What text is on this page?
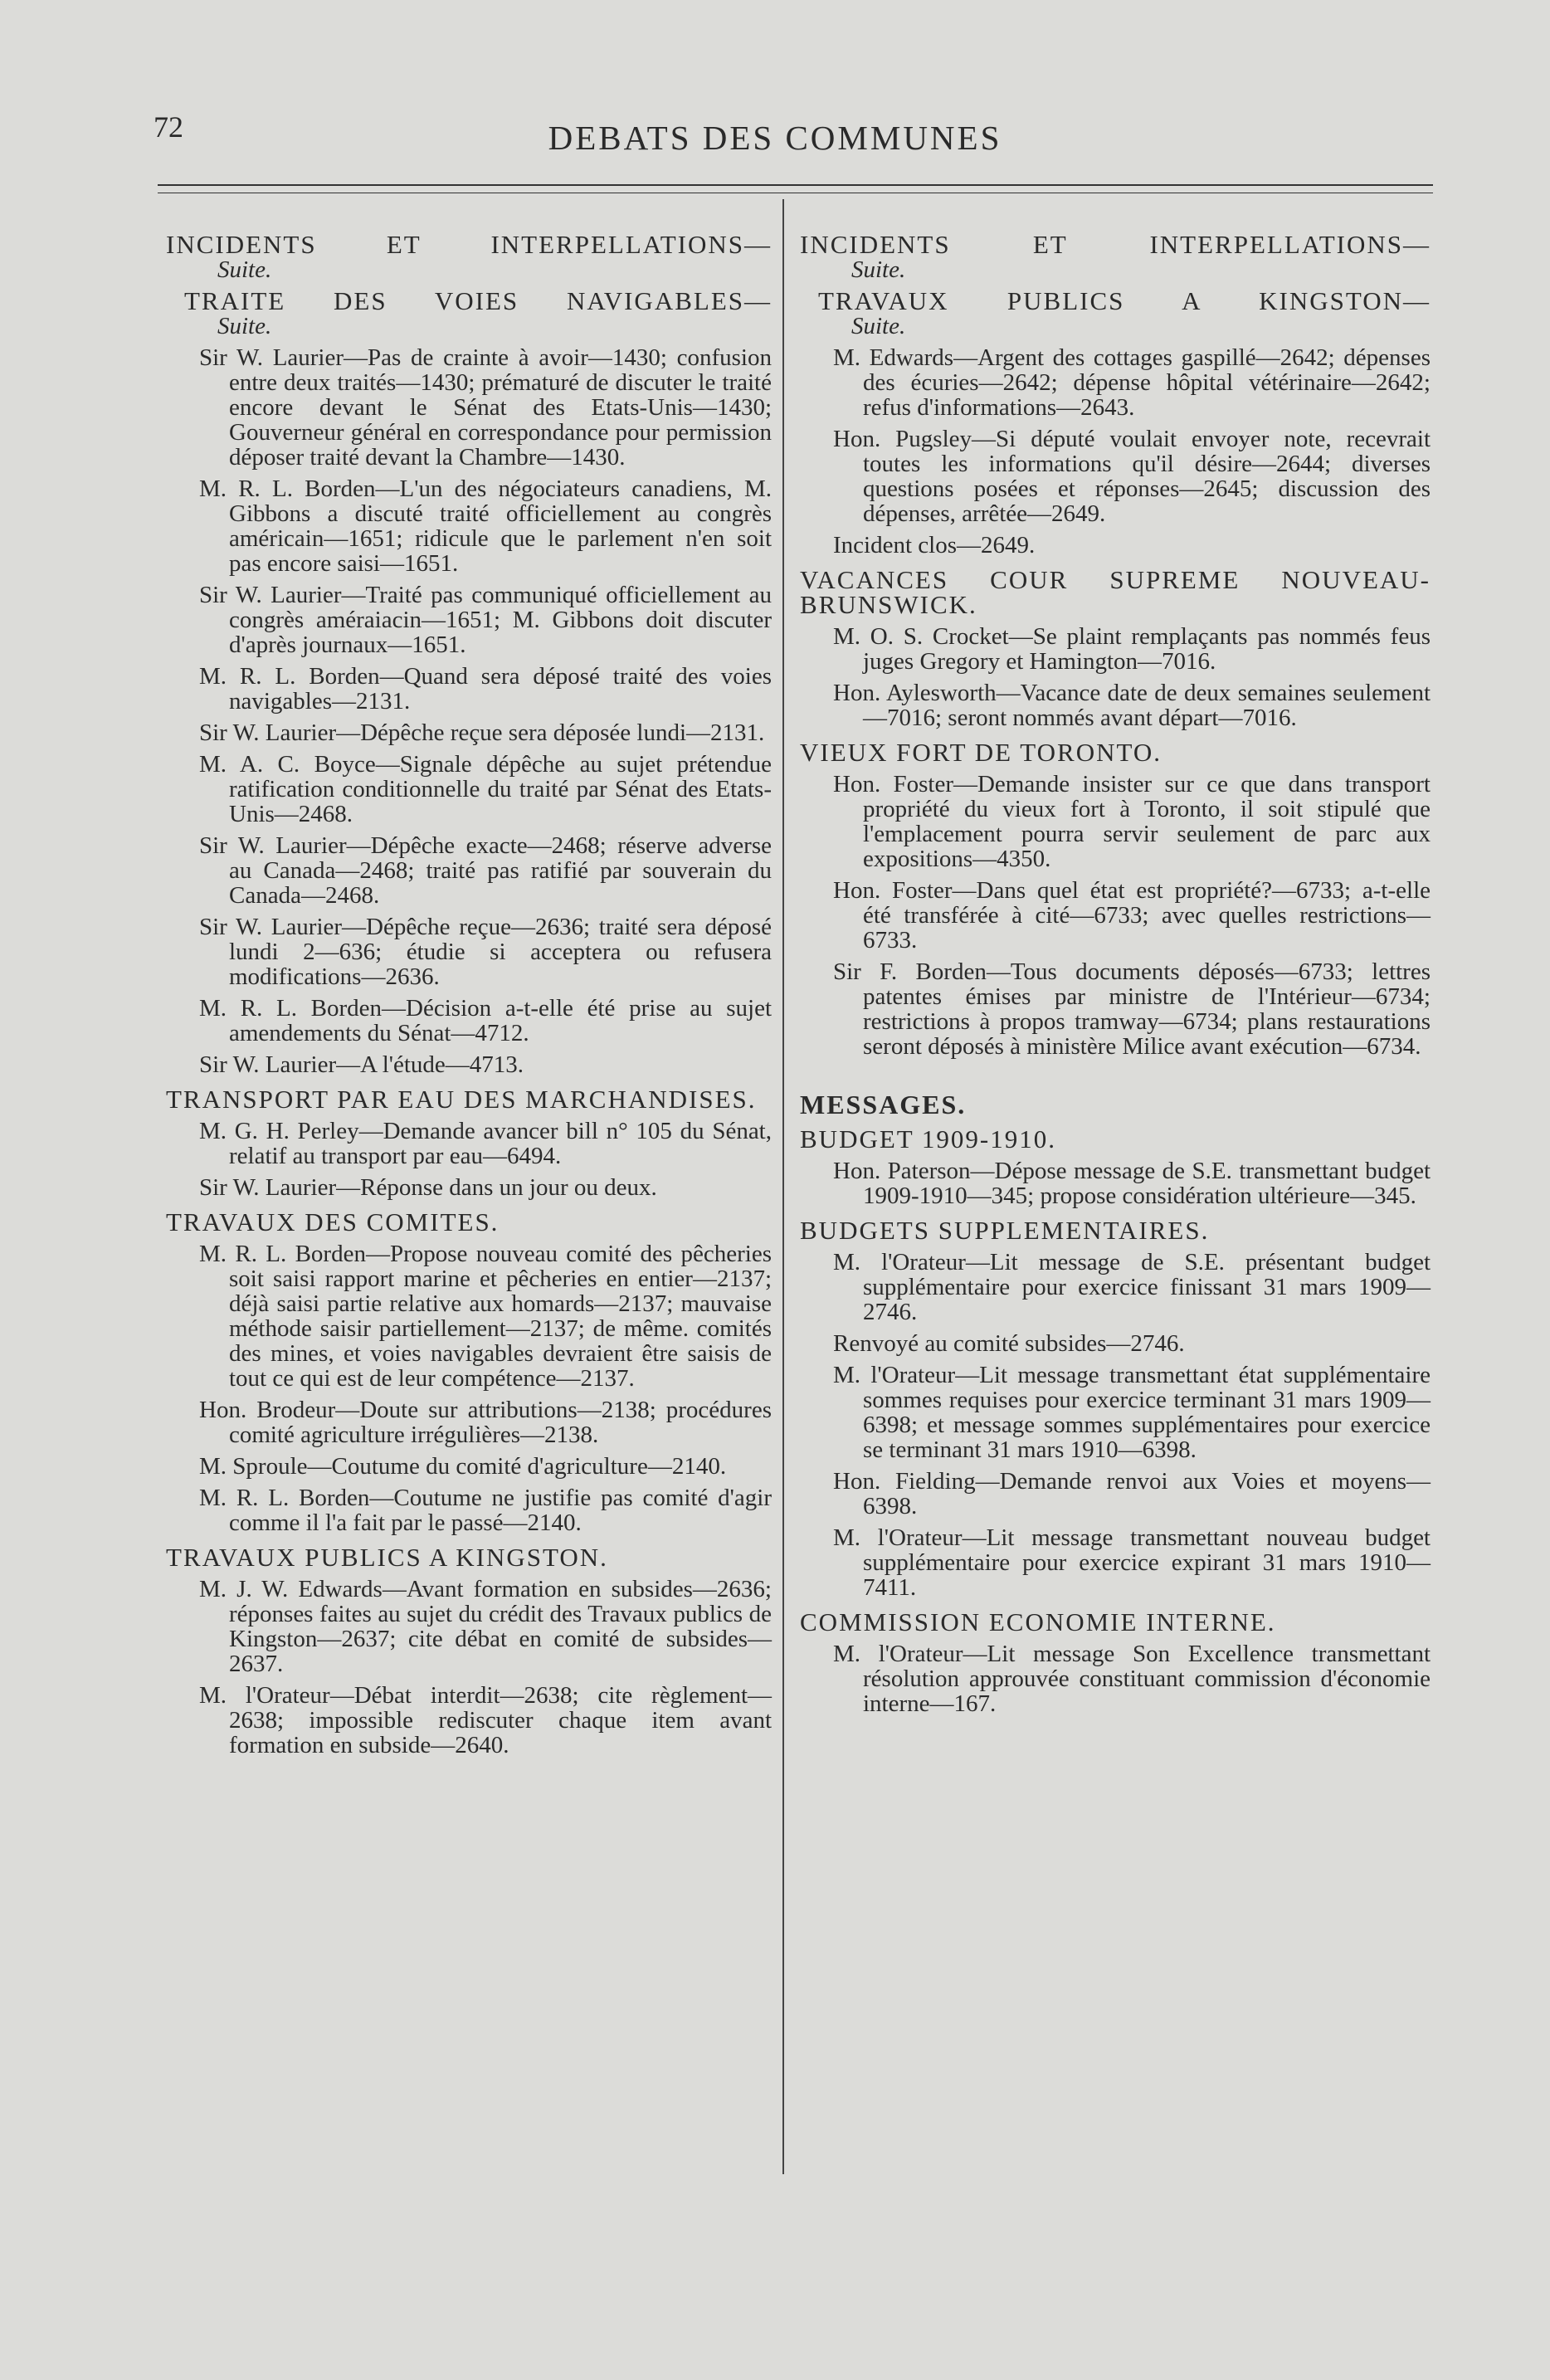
72	DEBATS DES COMMUNES
INCIDENTS ET INTERPELLATIONS—
Suite.
TRAITE DES VOIES NAVIGABLES—
Suite.
Sir W. Laurier—Pas de crainte à avoir—1430; confusion entre deux traités—1430; prématuré de discuter le traité encore devant le Sénat des Etats-Unis—1430; Gouverneur général en correspondance pour permission déposer traité devant la Chambre—1430.
M. R. L. Borden—L'un des négociateurs canadiens, M. Gibbons a discuté traité officiellement au congrès américain—1651; ridicule que le parlement n'en soit pas encore saisi—1651.
Sir W. Laurier—Traité pas communiqué officiellement au congrès améraiacin—1651; M. Gibbons doit discuter d'après journaux—1651.
M. R. L. Borden—Quand sera déposé traité des voies navigables—2131.
Sir W. Laurier—Dépêche reçue sera déposée lundi—2131.
M. A. C. Boyce—Signale dépêche au sujet prétendue ratification conditionnelle du traité par Sénat des Etats-Unis—2468.
Sir W. Laurier—Dépêche exacte—2468; réserve adverse au Canada—2468; traité pas ratifié par souverain du Canada—2468.
Sir W. Laurier—Dépêche reçue—2636; traité sera déposé lundi 2—636; étudie si acceptera ou refusera modifications—2636.
M. R. L. Borden—Décision a-t-elle été prise au sujet amendements du Sénat—4712.
Sir W. Laurier—A l'étude—4713.
TRANSPORT PAR EAU DES MARCHANDISES.
M. G. H. Perley—Demande avancer bill n° 105 du Sénat, relatif au transport par eau—6494.
Sir W. Laurier—Réponse dans un jour ou deux.
TRAVAUX DES COMITES.
M. R. L. Borden—Propose nouveau comité des pêcheries soit saisi rapport marine et pêcheries en entier—2137; déjà saisi partie relative aux homards—2137; mauvaise méthode saisir partiellement—2137; de même. comités des mines, et voies navigables devraient être saisis de tout ce qui est de leur compétence—2137.
Hon. Brodeur—Doute sur attributions—2138; procédures comité agriculture irrégulières—2138.
M. Sproule—Coutume du comité d'agriculture—2140.
M. R. L. Borden—Coutume ne justifie pas comité d'agir comme il l'a fait par le passé—2140.
TRAVAUX PUBLICS A KINGSTON.
M. J. W. Edwards—Avant formation en subsides—2636; réponses faites au sujet du crédit des Travaux publics de Kingston—2637; cite débat en comité de subsides—2637.
M. l'Orateur—Débat interdit—2638; cite règlement—2638; impossible rediscuter chaque item avant formation en subside—2640.
INCIDENTS ET INTERPELLATIONS—
Suite.
TRAVAUX PUBLICS A KINGSTON—
Suite.
M. Edwards—Argent des cottages gaspillé—2642; dépenses des écuries—2642; dépense hôpital vétérinaire—2642; refus d'informations—2643.
Hon. Pugsley—Si député voulait envoyer note, recevrait toutes les informations qu'il désire—2644; diverses questions posées et réponses—2645; discussion des dépenses, arrêtée—2649.
Incident clos—2649.
VACANCES COUR SUPREME NOUVEAU-BRUNSWICK.
M. O. S. Crocket—Se plaint remplaçants pas nommés feus juges Gregory et Hamington—7016.
Hon. Aylesworth—Vacance date de deux semaines seulement—7016; seront nommés avant départ—7016.
VIEUX FORT DE TORONTO.
Hon. Foster—Demande insister sur ce que dans transport propriété du vieux fort à Toronto, il soit stipulé que l'emplacement pourra servir seulement de parc aux expositions—4350.
Hon. Foster—Dans quel état est propriété?—6733; a-t-elle été transférée à cité—6733; avec quelles restrictions—6733.
Sir F. Borden—Tous documents déposés—6733; lettres patentes émises par ministre de l'Intérieur—6734; restrictions à propos tramway—6734; plans restaurations seront déposés à ministère Milice avant exécution—6734.
MESSAGES.
BUDGET 1909-1910.
Hon. Paterson—Dépose message de S.E. transmettant budget 1909-1910—345; propose considération ultérieure—345.
BUDGETS SUPPLEMENTAIRES.
M. l'Orateur—Lit message de S.E. présentant budget supplémentaire pour exercice finissant 31 mars 1909—2746.
Renvoyé au comité subsides—2746.
M. l'Orateur—Lit message transmettant état supplémentaire sommes requises pour exercice terminant 31 mars 1909—6398; et message sommes supplémentaires pour exercice se terminant 31 mars 1910—6398.
Hon. Fielding—Demande renvoi aux Voies et moyens—6398.
M. l'Orateur—Lit message transmettant nouveau budget supplémentaire pour exercice expirant 31 mars 1910—7411.
COMMISSION ECONOMIE INTERNE.
M. l'Orateur—Lit message Son Excellence transmettant résolution approuvée constituant commission d'économie interne—167.
